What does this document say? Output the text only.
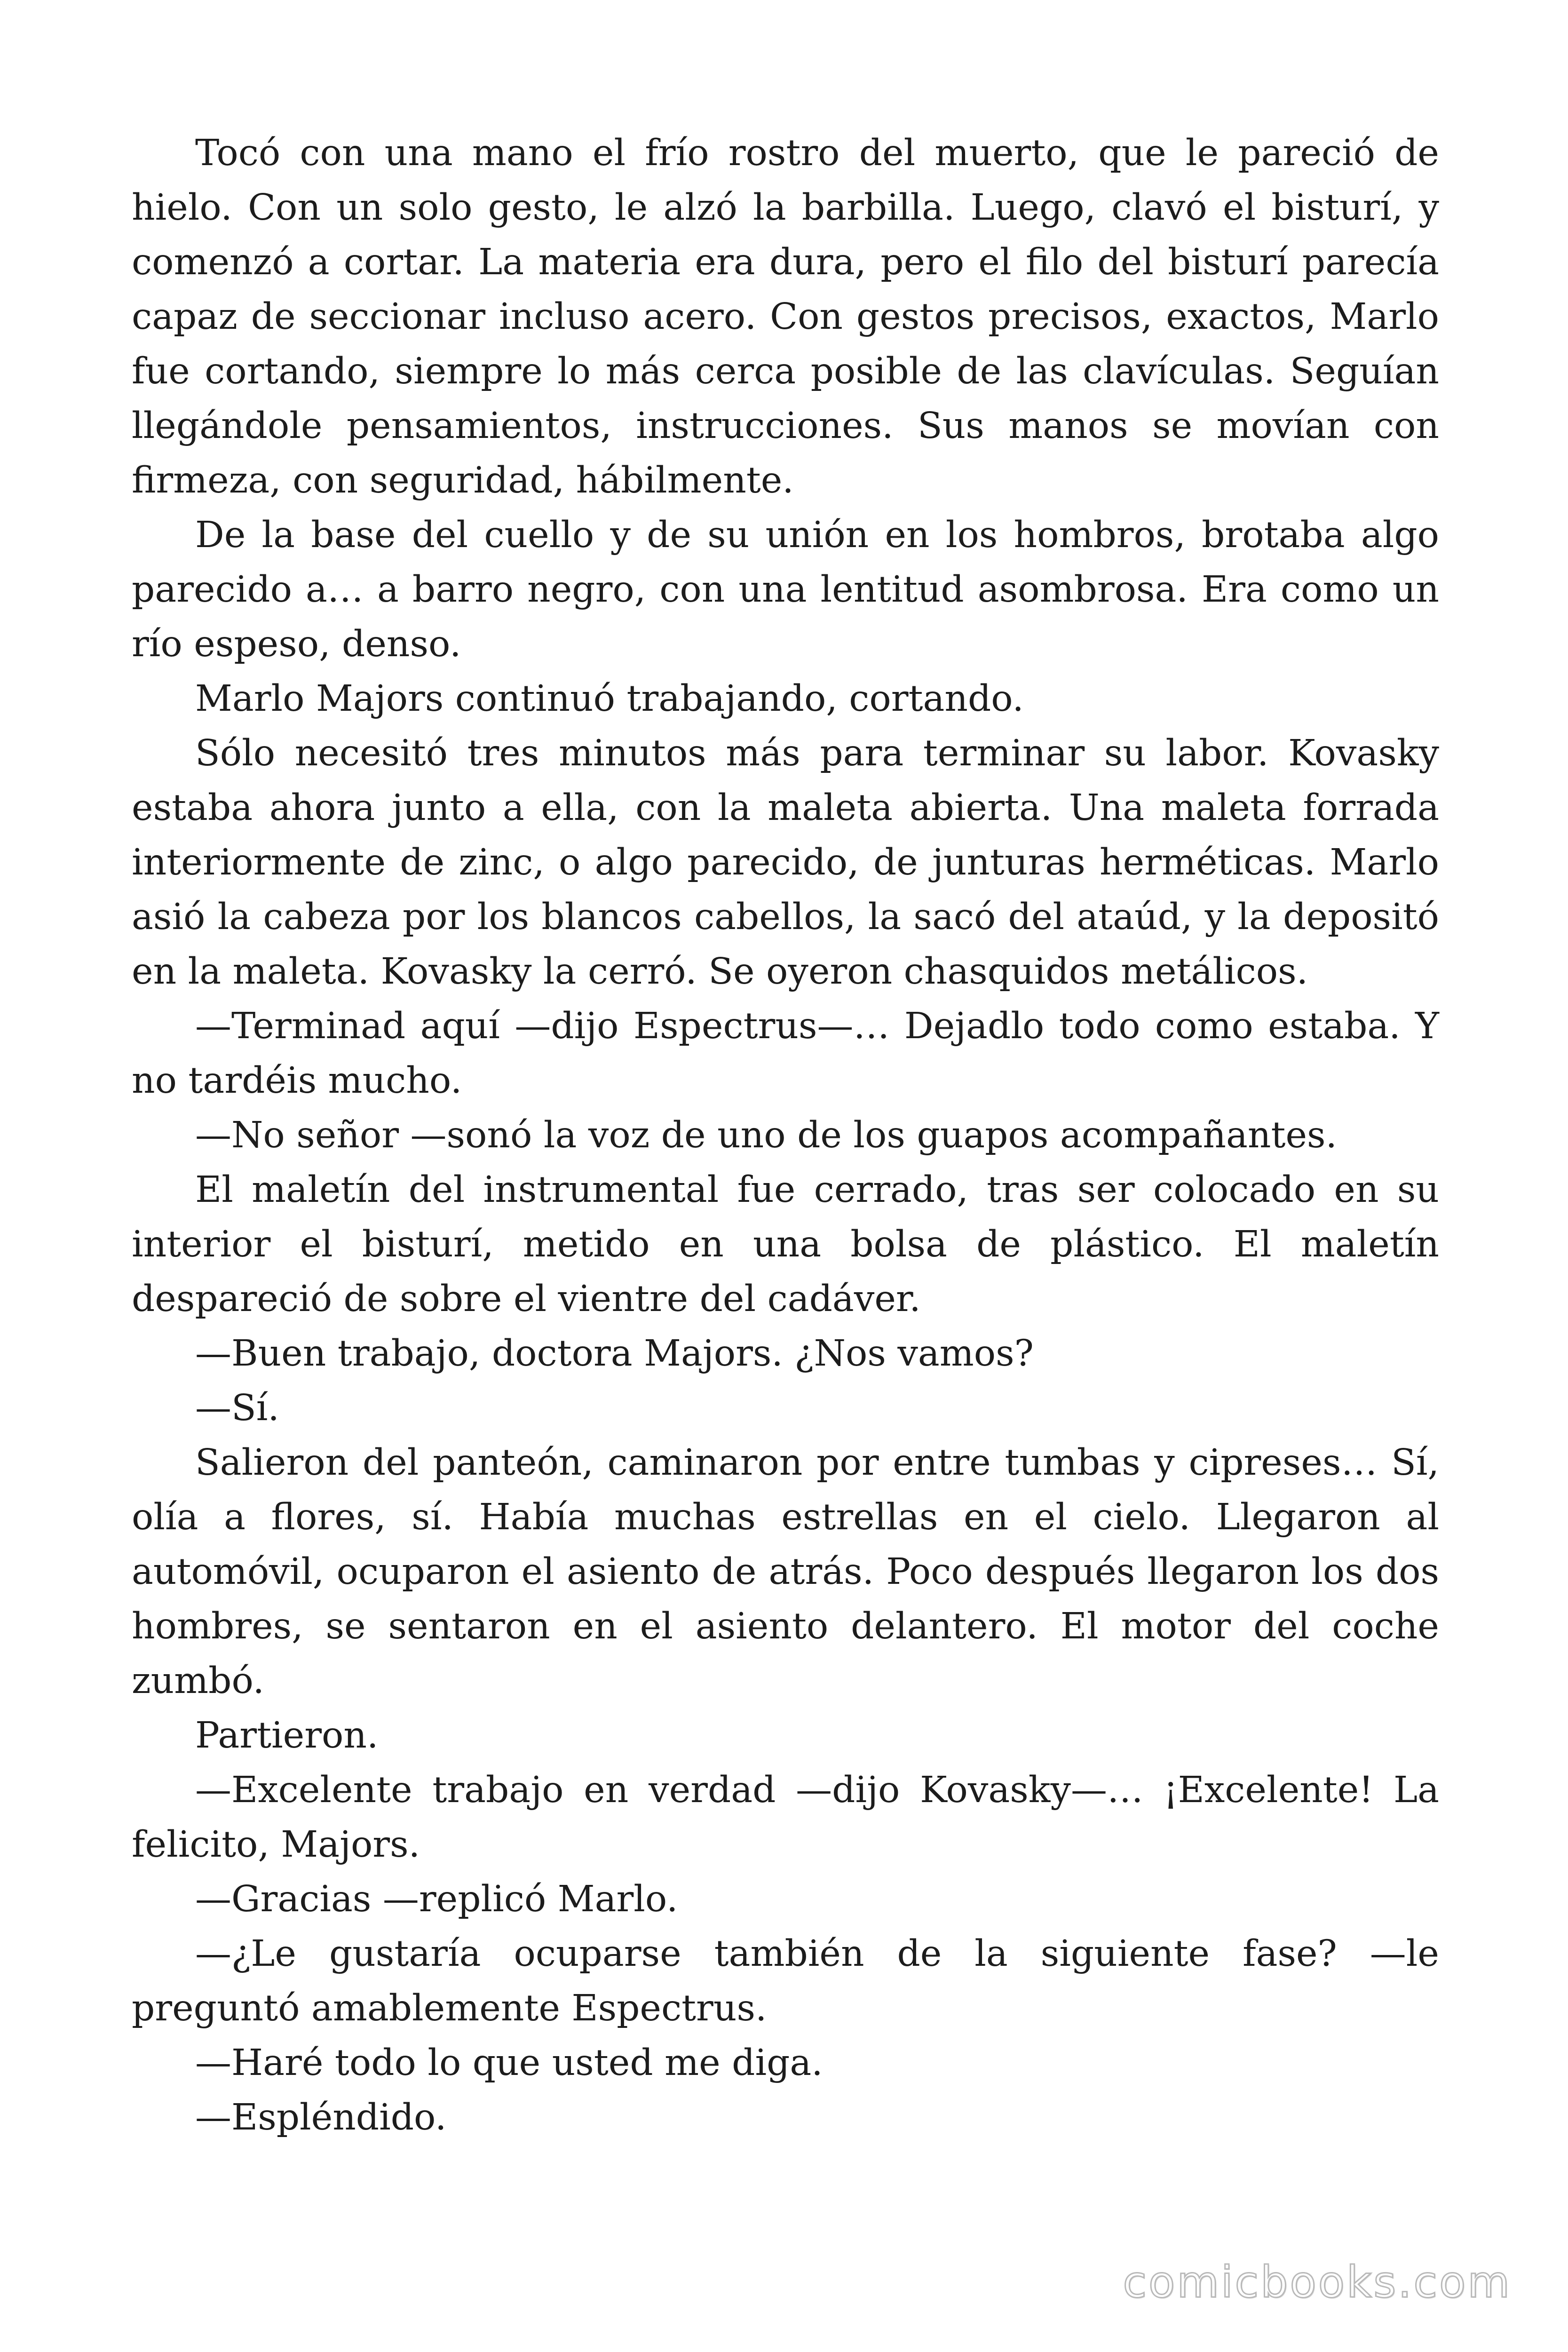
Tocó con una mano el frío rostro del muerto, que le pareció de hielo. Con un solo gesto, le alzó la barbilla. Luego, clavó el bisturí, y comenzó a cortar. La materia era dura, pero el filo del bisturí parecía capaz de seccionar incluso acero. Con gestos precisos, exactos, Marlo fue cortando, siempre lo más cerca posible de las clavículas. Seguían llegándole pensamientos, instrucciones. Sus manos se movían con firmeza, con seguridad, hábilmente.

De la base del cuello y de su unión en los hombros, brotaba algo parecido a… a barro negro, con una lentitud asombrosa. Era como un río espeso, denso.

Marlo Majors continuó trabajando, cortando.

Sólo necesitó tres minutos más para terminar su labor. Kovasky estaba ahora junto a ella, con la maleta abierta. Una maleta forrada interiormente de zinc, o algo parecido, de junturas herméticas. Marlo asió la cabeza por los blancos cabellos, la sacó del ataúd, y la depositó en la maleta. Kovasky la cerró. Se oyeron chasquidos metálicos.

—Terminad aquí —dijo Espectrus—… Dejadlo todo como estaba. Y no tardéis mucho.

—No señor —sonó la voz de uno de los guapos acompañantes.

El maletín del instrumental fue cerrado, tras ser colocado en su interior el bisturí, metido en una bolsa de plástico. El maletín despareció de sobre el vientre del cadáver.

—Buen trabajo, doctora Majors. ¿Nos vamos?

—Sí.

Salieron del panteón, caminaron por entre tumbas y cipreses… Sí, olía a flores, sí. Había muchas estrellas en el cielo. Llegaron al automóvil, ocuparon el asiento de atrás. Poco después llegaron los dos hombres, se sentaron en el asiento delantero. El motor del coche zumbó.

Partieron.

—Excelente trabajo en verdad —dijo Kovasky—… ¡Excelente! La felicito, Majors.

—Gracias —replicó Marlo.

—¿Le gustaría ocuparse también de la siguiente fase? —le preguntó amablemente Espectrus.

—Haré todo lo que usted me diga.

—Espléndido.

comicbooks.com
